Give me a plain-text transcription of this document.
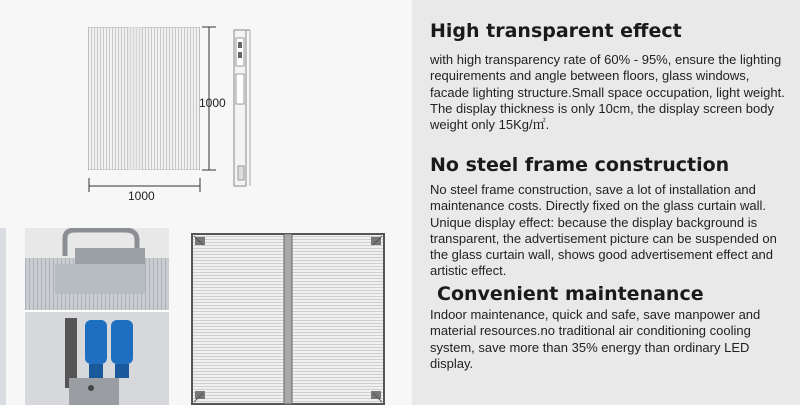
1000
1000
High transparent effect

with high transparency rate of 60% - 95%, ensure the lighting requirements and angle between floors, glass windows, facade lighting structure.Small space occupation, light weight. The display thickness is only 10cm, the display screen body weight only 15Kg/㎡.

No steel frame construction

No steel frame construction, save a lot of installation and maintenance costs. Directly fixed on the glass curtain wall. Unique display effect: because the display background is transparent, the advertisement picture can be suspended on the glass curtain wall, shows good advertisement effect and artistic effect.

Convenient maintenance

Indoor maintenance, quick and safe, save manpower and material resources.no traditional air conditioning cooling system, save more than 35% energy than ordinary LED display.
